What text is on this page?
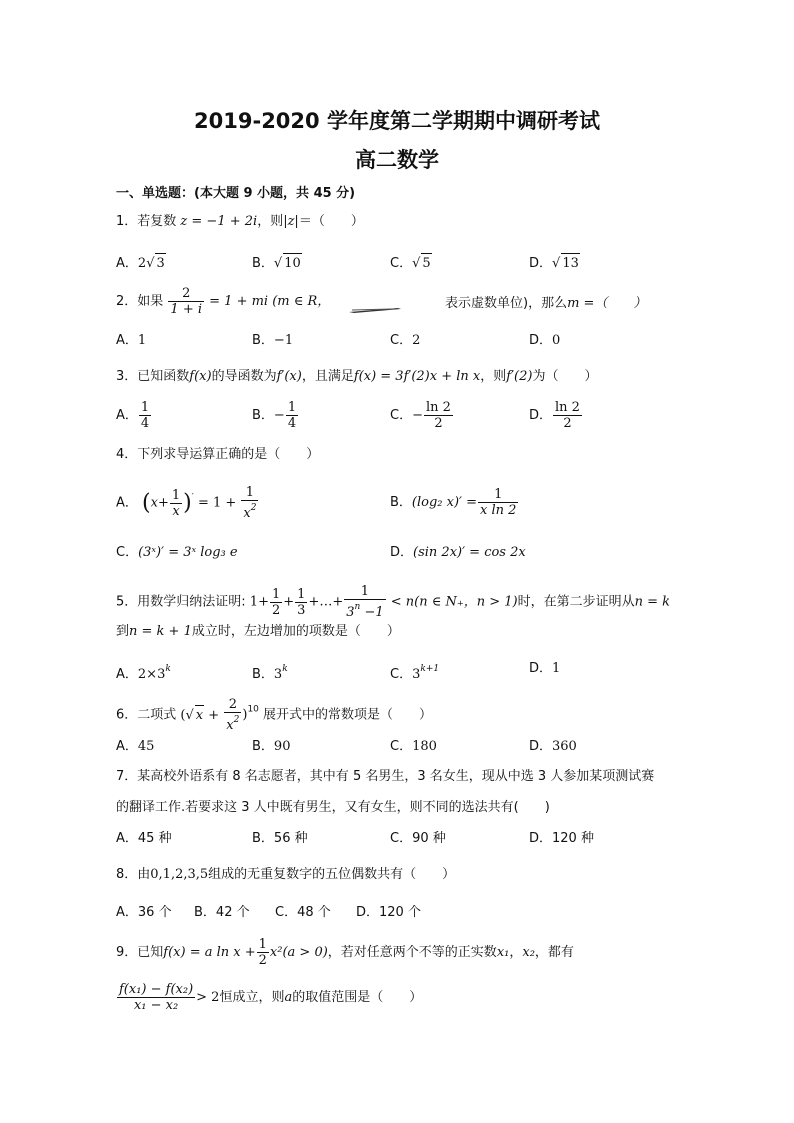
2019-2020 学年度第二学期期中调研考试
高二数学
一、单选题：(本大题 9 小题，共 45 分)
1．若复数 z = −1 + 2i，则|z|＝（　　）
A．2√ 3	B．√ 10	C．√ 5	D．√ 13
2．如果 $\frac{2}{1 + i} = 1$ + mi (m ∈ R，	表示虚数单位)，那么m =（　　）
A．1	B．−1	C．2	D．0
3．已知函数f(x)的导函数为f′(x)，且满足f(x) = 3f′(2)x + ln x，则f′(2)为（　　）
A． $\frac{1}{4}$	B．− $\frac{1}{4}$	C．− $\frac{\ln 2}{2}$	D． $\frac{\ln 2}{2}$
4．下列求导运算正确的是（　　）
A． $(x+ \frac{1}{x} )' = 1 + \frac{1}{x^2}$	B．(log₂ $x)' = \frac{1}{\text{x ln 2}}$
C．(3ˣ)′ = 3ˣ log₃ e	D．(sin 2x)′ = cos 2x
5．用数学归纳法证明: $1+ \frac{1}{2} + \frac{1}{3}$ +…+ $\frac{1}{3^n -1} < n(n$ ∈ N₊，n > 1)时，在第二步证明从n = k
到n = k + 1成立时，左边增加的项数是（　　）
A．$2\times 3^k$	B．3$^k$	C．$3^{k+1}$	D．1
6．二项式 (√ $x + \frac{2}{x^2} )^{10}$ 展开式中的常数项是（　　）
A．45	B．90	C．180	D．360
7．某高校外语系有 8 名志愿者，其中有 5 名男生，3 名女生，现从中选 3 人参加某项测试赛
的翻译工作.若要求这 3 人中既有男生，又有女生，则不同的选法共有(　　)
A．45 种	B．56 种	C．90 种	D．120 种
8．由0,1,2,3,5组成的无重复数字的五位偶数共有（　　）
A．36 个 B．42 个 C．48 个 D．120 个
9．已知f(x) = a $\ln x + \frac{1}{2} x^2(a > 0)$，若对任意两个不等的正实数x₁，x₂，都有
$\frac{\text{f(x₁) − f(x₂)}}{\text{x₁ − x₂}} > 2$恒成立，则a的取值范围是（　　）
